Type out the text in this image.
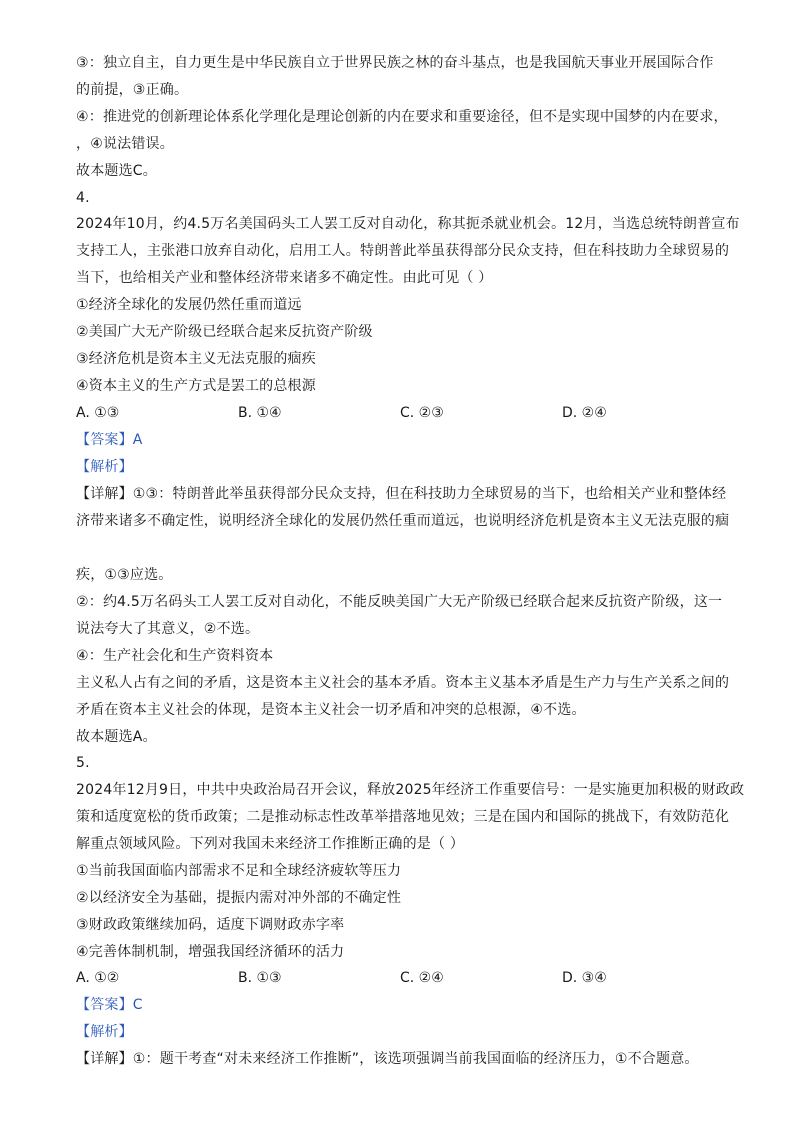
③：独立自主，自力更生是中华民族自立于世界民族之林的奋斗基点，也是我国航天事业开展国际合作
的前提，③正确。
④：推进党的创新理论体系化学理化是理论创新的内在要求和重要途径，但不是实现中国梦的内在要求，
，④说法错误。
故本题选C。
4.
2024年10月，约4.5万名美国码头工人罢工反对自动化，称其扼杀就业机会。12月，当选总统特朗普宣布
支持工人，主张港口放弃自动化，启用工人。特朗普此举虽获得部分民众支持，但在科技助力全球贸易的
当下，也给相关产业和整体经济带来诸多不确定性。由此可见（ ）
①经济全球化的发展仍然任重而道远
②美国广大无产阶级已经联合起来反抗资产阶级
③经济危机是资本主义无法克服的痼疾
④资本主义的生产方式是罢工的总根源
A. ①③	B. ①④	C. ②③	D. ②④
【答案】A
【解析】
【详解】①③：特朗普此举虽获得部分民众支持，但在科技助力全球贸易的当下，也给相关产业和整体经
济带来诸多不确定性，说明经济全球化的发展仍然任重而道远，也说明经济危机是资本主义无法克服的痼
疾，①③应选。
②：约4.5万名码头工人罢工反对自动化，不能反映美国广大无产阶级已经联合起来反抗资产阶级，这一
说法夸大了其意义，②不选。
④：生产社会化和生产资料资本
主义私人占有之间的矛盾，这是资本主义社会的基本矛盾。资本主义基本矛盾是生产力与生产关系之间的
矛盾在资本主义社会的体现，是资本主义社会一切矛盾和冲突的总根源，④不选。
故本题选A。
5.
2024年12月9日，中共中央政治局召开会议，释放2025年经济工作重要信号：一是实施更加积极的财政政
策和适度宽松的货币政策；二是推动标志性改革举措落地见效；三是在国内和国际的挑战下，有效防范化
解重点领域风险。下列对我国未来经济工作推断正确的是（ ）
①当前我国面临内部需求不足和全球经济疲软等压力
②以经济安全为基础，提振内需对冲外部的不确定性
③财政政策继续加码，适度下调财政赤字率
④完善体制机制，增强我国经济循环的活力
A. ①②	B. ①③	C. ②④	D. ③④
【答案】C
【解析】
【详解】①：题干考查“对未来经济工作推断”，该选项强调当前我国面临的经济压力，①不合题意。
